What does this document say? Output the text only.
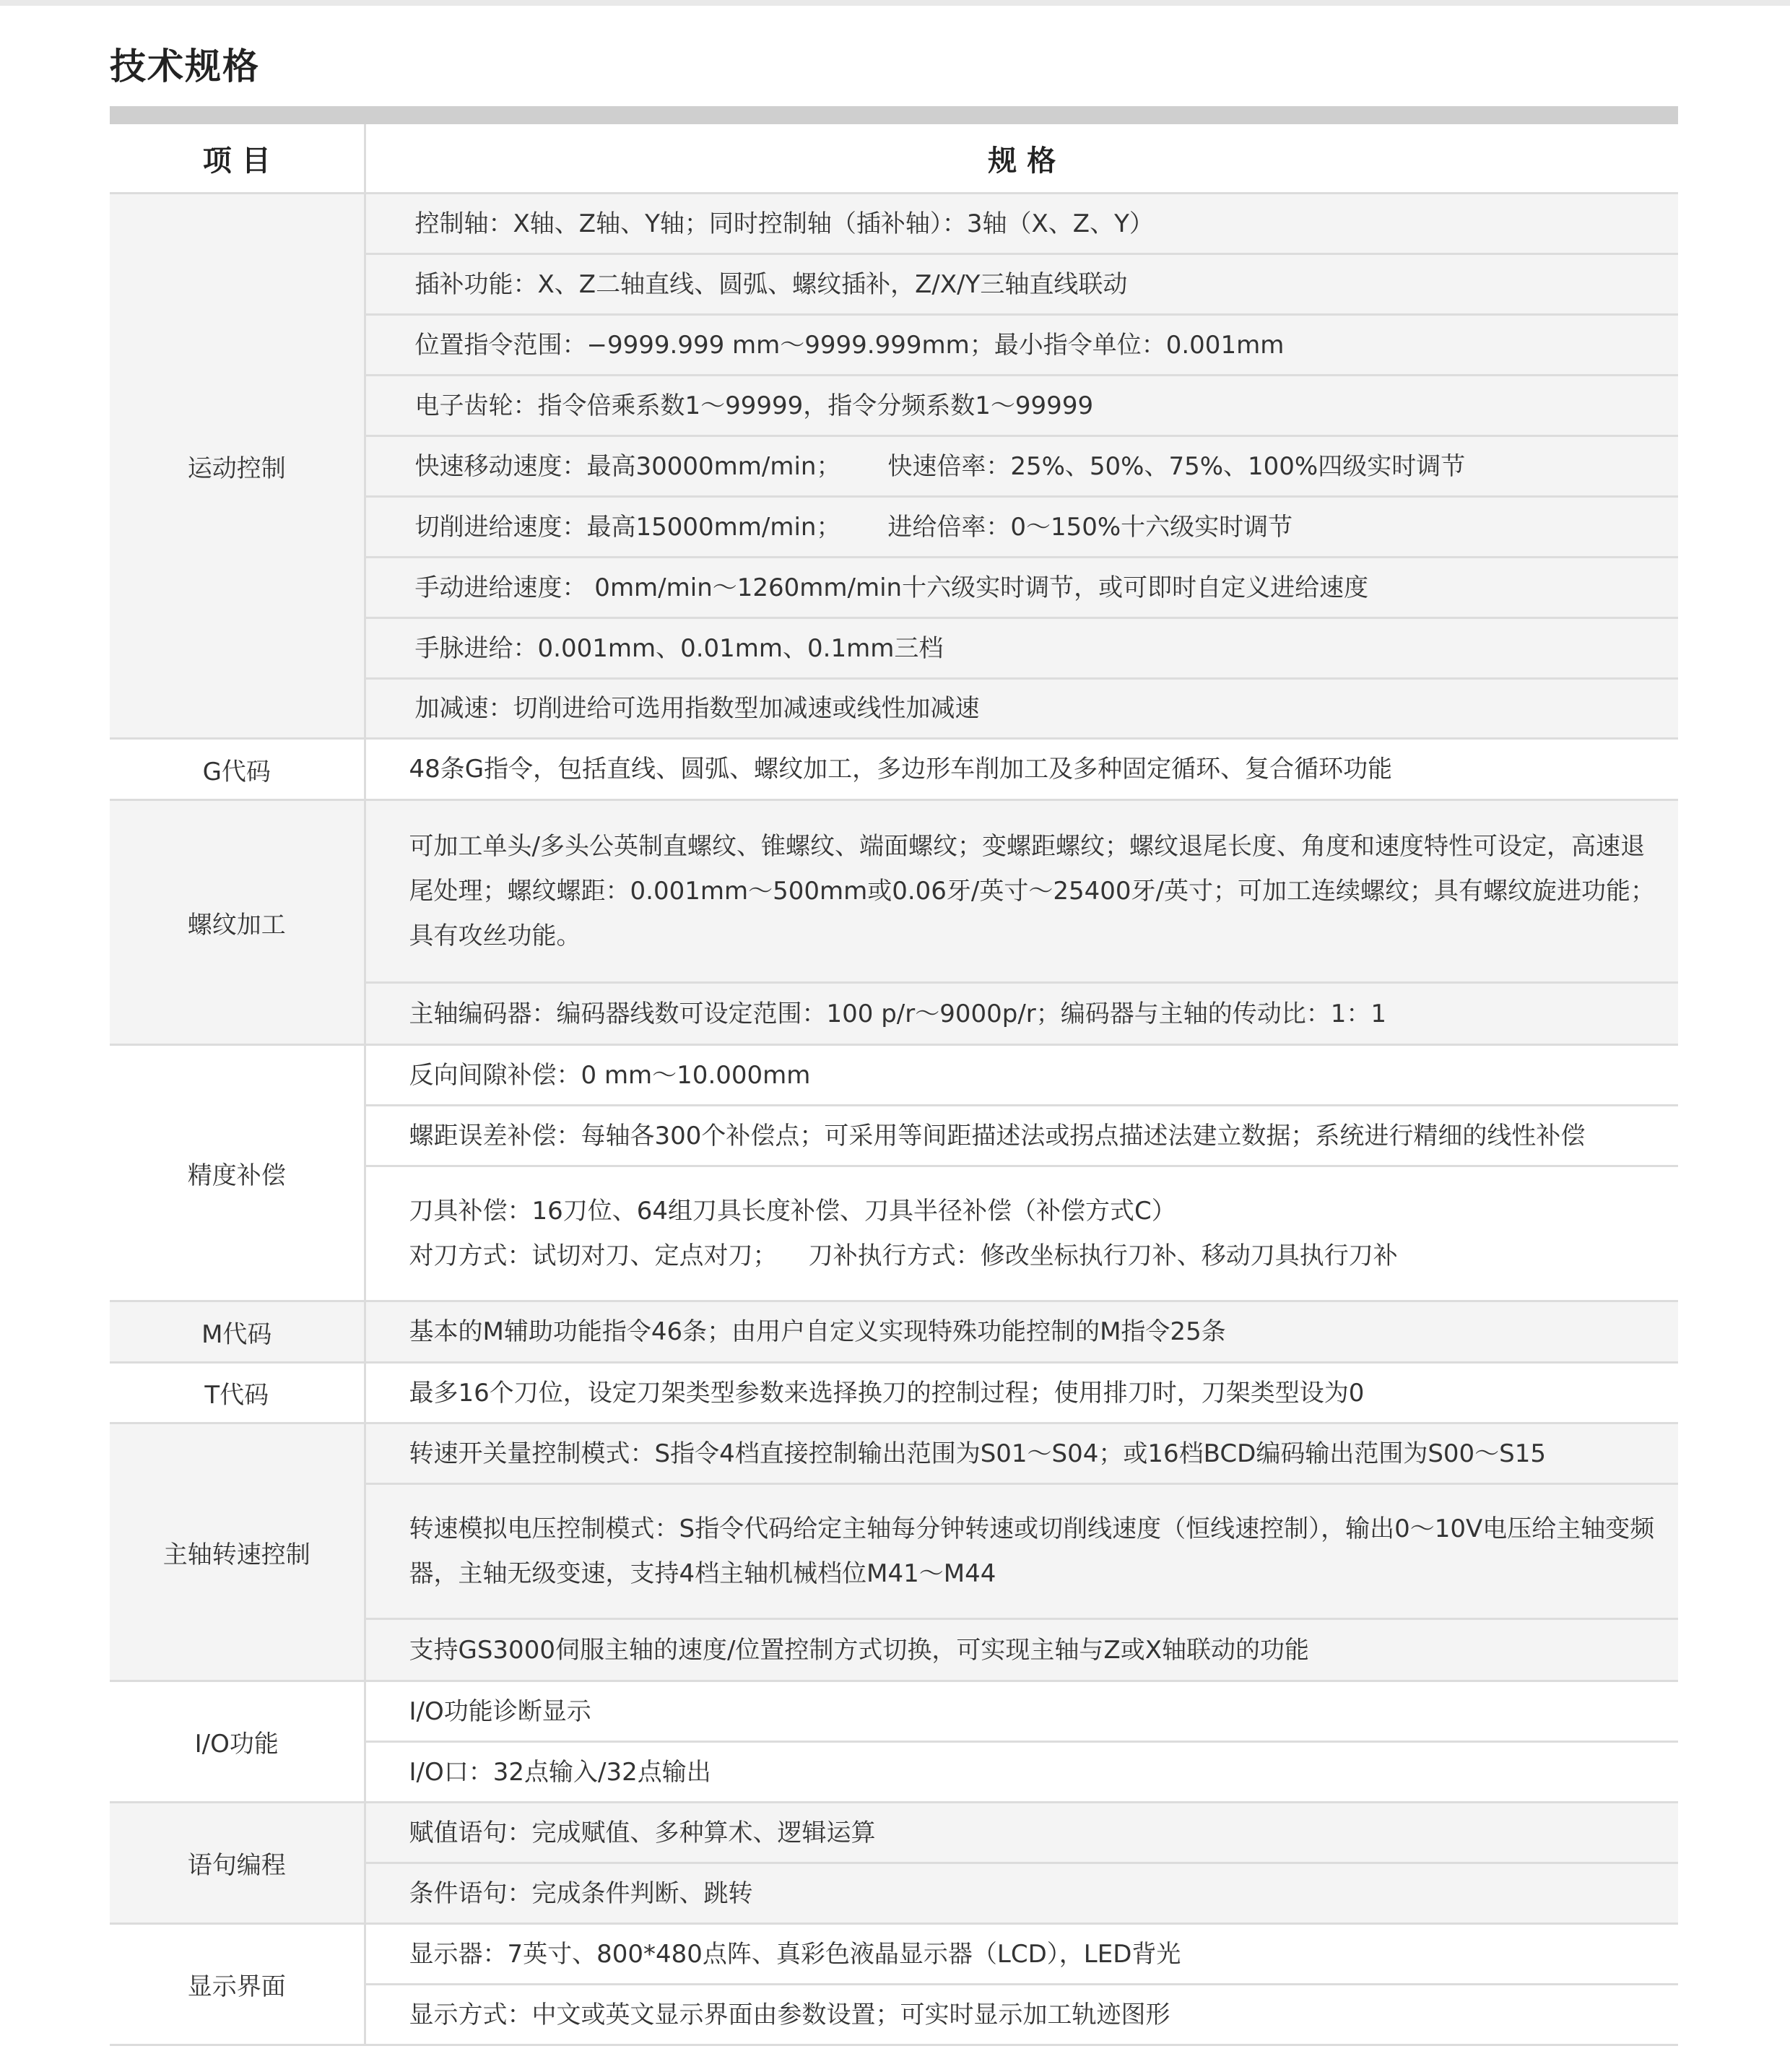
技术规格
项 目	规 格
运动控制	控制轴：X轴、Z轴、Y轴；同时控制轴（插补轴）：3轴（X、Z、Y）
	插补功能：X、Z二轴直线、圆弧、螺纹插补，Z/X/Y三轴直线联动
	位置指令范围：−9999.999 mm～9999.999mm；最小指令单位：0.001mm
	电子齿轮：指令倍乘系数1～99999，指令分频系数1～99999
	快速移动速度：最高30000mm/min；      快速倍率：25%、50%、75%、100%四级实时调节
	切削进给速度：最高15000mm/min；      进给倍率：0～150%十六级实时调节
	手动进给速度： 0mm/min～1260mm/min十六级实时调节，或可即时自定义进给速度
	手脉进给：0.001mm、0.01mm、0.1mm三档
	加减速：切削进给可选用指数型加减速或线性加减速
G代码	48条G指令，包括直线、圆弧、螺纹加工，多边形车削加工及多种固定循环、复合循环功能
螺纹加工	可加工单头/多头公英制直螺纹、锥螺纹、端面螺纹；变螺距螺纹；螺纹退尾长度、角度和速度特性可设定，高速退尾处理；螺纹螺距：0.001mm～500mm或0.06牙/英寸～25400牙/英寸；可加工连续螺纹；具有螺纹旋进功能；具有攻丝功能。
	主轴编码器：编码器线数可设定范围：100 p/r～9000p/r；编码器与主轴的传动比：1：1
精度补偿	反向间隙补偿：0 mm～10.000mm
	螺距误差补偿：每轴各300个补偿点；可采用等间距描述法或拐点描述法建立数据；系统进行精细的线性补偿
	刀具补偿：16刀位、64组刀具长度补偿、刀具半径补偿（补偿方式C）
对刀方式：试切对刀、定点对刀；    刀补执行方式：修改坐标执行刀补、移动刀具执行刀补
M代码	基本的M辅助功能指令46条；由用户自定义实现特殊功能控制的M指令25条
T代码	最多16个刀位，设定刀架类型参数来选择换刀的控制过程；使用排刀时，刀架类型设为0
主轴转速控制	转速开关量控制模式：S指令4档直接控制输出范围为S01～S04；或16档BCD编码输出范围为S00～S15
	转速模拟电压控制模式：S指令代码给定主轴每分钟转速或切削线速度（恒线速控制），输出0～10V电压给主轴变频器，主轴无级变速，支持4档主轴机械档位M41～M44
	支持GS3000伺服主轴的速度/位置控制方式切换，可实现主轴与Z或X轴联动的功能
I/O功能	I/O功能诊断显示
	I/O口：32点输入/32点输出
语句编程	赋值语句：完成赋值、多种算术、逻辑运算
	条件语句：完成条件判断、跳转
显示界面	显示器：7英寸、800*480点阵、真彩色液晶显示器（LCD），LED背光
	显示方式：中文或英文显示界面由参数设置；可实时显示加工轨迹图形
